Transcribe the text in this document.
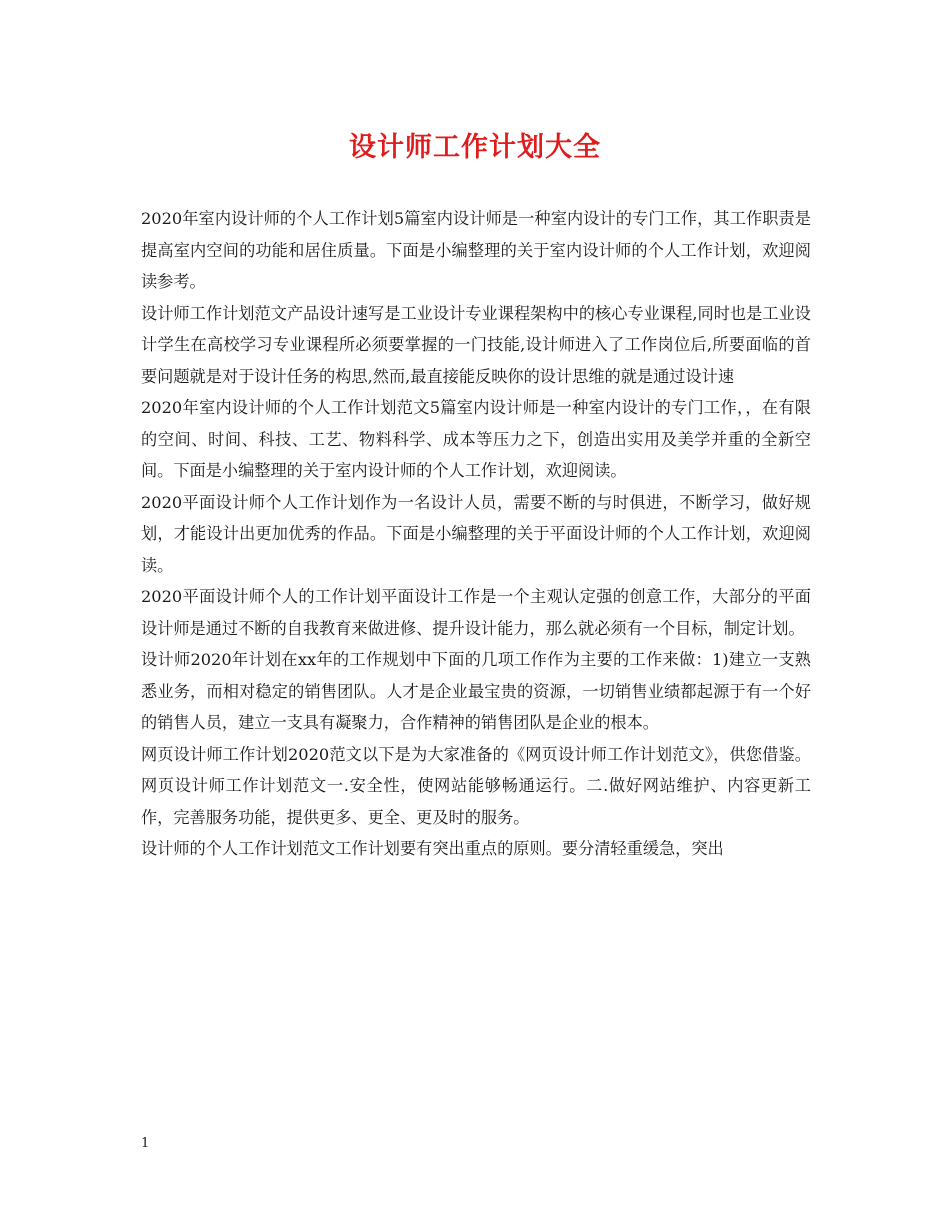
设计师工作计划大全

2020年室内设计师的个人工作计划5篇室内设计师是一种室内设计的专门工作，其工作职责是提高室内空间的功能和居住质量。下面是小编整理的关于室内设计师的个人工作计划，欢迎阅读参考。

设计师工作计划范文产品设计速写是工业设计专业课程架构中的核心专业课程,同时也是工业设计学生在高校学习专业课程所必须要掌握的一门技能,设计师进入了工作岗位后,所要面临的首要问题就是对于设计任务的构思,然而,最直接能反映你的设计思维的就是通过设计速

2020年室内设计师的个人工作计划范文5篇室内设计师是一种室内设计的专门工作，，在有限的空间、时间、科技、工艺、物料科学、成本等压力之下，创造出实用及美学并重的全新空间。下面是小编整理的关于室内设计师的个人工作计划，欢迎阅读。

2020平面设计师个人工作计划作为一名设计人员，需要不断的与时俱进，不断学习，做好规划，才能设计出更加优秀的作品。下面是小编整理的关于平面设计师的个人工作计划，欢迎阅读。

2020平面设计师个人的工作计划平面设计工作是一个主观认定强的创意工作，大部分的平面设计师是通过不断的自我教育来做进修、提升设计能力，那么就必须有一个目标，制定计划。

设计师2020年计划在xx年的工作规划中下面的几项工作作为主要的工作来做：1)建立一支熟悉业务，而相对稳定的销售团队。人才是企业最宝贵的资源，一切销售业绩都起源于有一个好的销售人员，建立一支具有凝聚力，合作精神的销售团队是企业的根本。

网页设计师工作计划2020范文以下是为大家准备的《网页设计师工作计划范文》，供您借鉴。网页设计师工作计划范文一.安全性，使网站能够畅通运行。二.做好网站维护、内容更新工作，完善服务功能，提供更多、更全、更及时的服务。

设计师的个人工作计划范文工作计划要有突出重点的原则。要分清轻重缓急，突出

1
